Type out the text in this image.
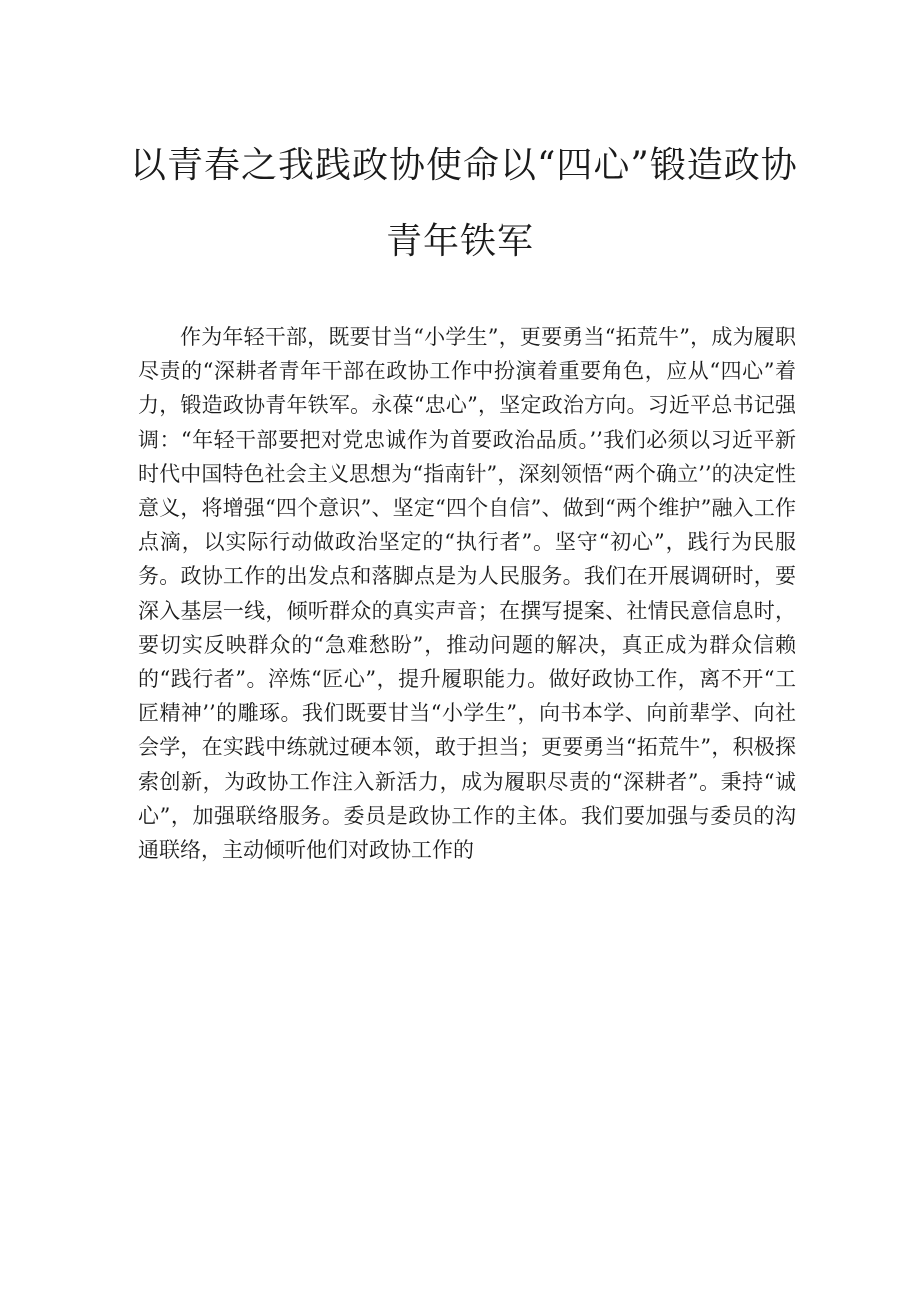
以青春之我践政协使命以“四心”锻造政协
青年铁军

作为年轻干部，既要甘当“小学生”，更要勇当“拓荒牛”，成为履职尽责的“深耕者青年干部在政协工作中扮演着重要角色，应从“四心”着力，锻造政协青年铁军。永葆“忠心”，坚定政治方向。习近平总书记强调：“年轻干部要把对党忠诚作为首要政治品质。’’我们必须以习近平新时代中国特色社会主义思想为“指南针”，深刻领悟“两个确立’’的决定性意义，将增强“四个意识”、坚定“四个自信”、做到“两个维护”融入工作点滴，以实际行动做政治坚定的“执行者”。坚守“初心”，践行为民服务。政协工作的出发点和落脚点是为人民服务。我们在开展调研时，要深入基层一线，倾听群众的真实声音；在撰写提案、社情民意信息时，要切实反映群众的“急难愁盼”，推动问题的解决，真正成为群众信赖的“践行者”。淬炼“匠心”，提升履职能力。做好政协工作，离不开“工匠精神’’的雕琢。我们既要甘当“小学生”，向书本学、向前辈学、向社会学，在实践中练就过硬本领，敢于担当；更要勇当“拓荒牛”，积极探索创新，为政协工作注入新活力，成为履职尽责的“深耕者”。秉持“诚心”，加强联络服务。委员是政协工作的主体。我们要加强与委员的沟通联络，主动倾听他们对政协工作的
